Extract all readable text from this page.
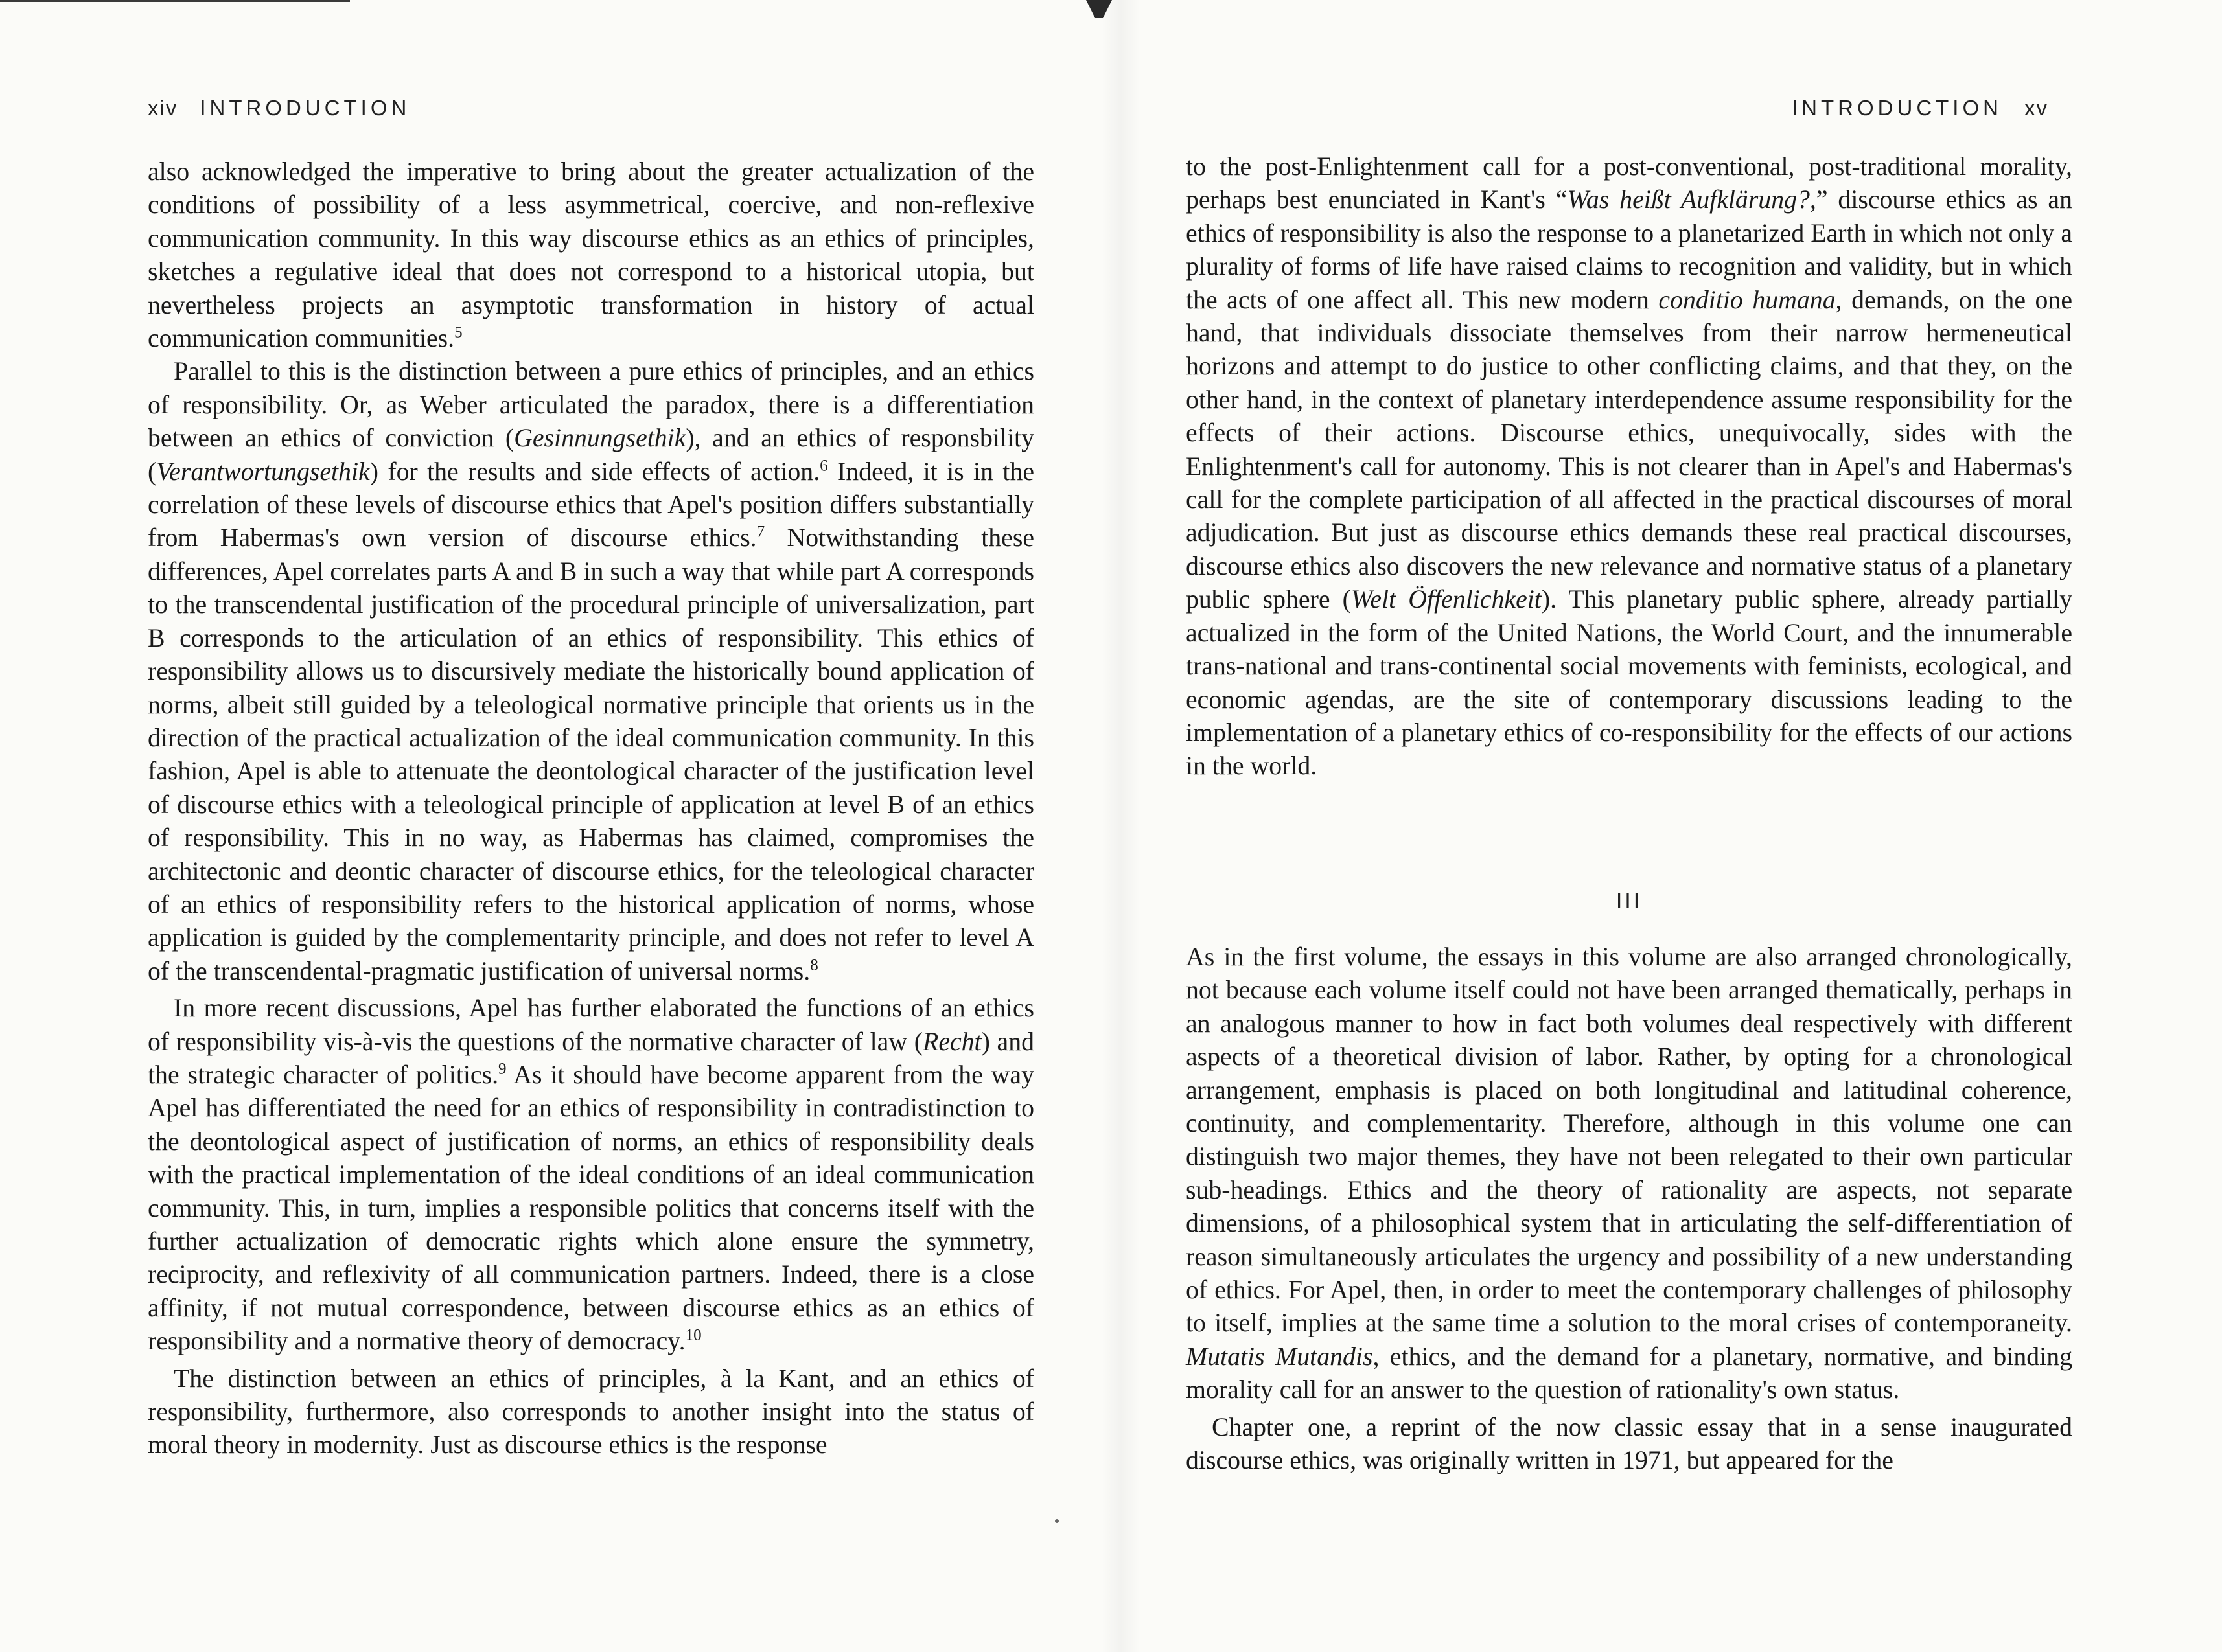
xiv INTRODUCTION

also acknowledged the imperative to bring about the greater actualization of the conditions of possibility of a less asymmetrical, coercive, and non-reflexive communication community. In this way discourse ethics as an ethics of principles, sketches a regulative ideal that does not correspond to a historical utopia, but nevertheless projects an asymptotic transformation in history of actual communication communities.$^5$

Parallel to this is the distinction between a pure ethics of principles, and an ethics of responsibility. Or, as Weber articulated the paradox, there is a differentiation between an ethics of conviction (Gesinnungsethik), and an ethics of responsbility (Verantwortungsethik) for the results and side effects of action.$^6$ Indeed, it is in the correlation of these levels of discourse ethics that Apel's position differs substantially from Habermas's own version of discourse ethics.$^7$ Notwithstanding these differences, Apel correlates parts A and B in such a way that while part A corresponds to the transcendental justification of the procedural principle of universalization, part B corresponds to the articulation of an ethics of responsibility. This ethics of responsibility allows us to discursively mediate the historically bound application of norms, albeit still guided by a teleological normative principle that orients us in the direction of the practical actualization of the ideal communication community. In this fashion, Apel is able to attenuate the deontological character of the justification level of discourse ethics with a teleological principle of application at level B of an ethics of responsibility. This in no way, as Habermas has claimed, compromises the architectonic and deontic character of discourse ethics, for the teleological character of an ethics of responsibility refers to the historical application of norms, whose application is guided by the complementarity principle, and does not refer to level A of the transcendental-pragmatic justification of universal norms.$^8$

In more recent discussions, Apel has further elaborated the functions of an ethics of responsibility vis-à-vis the questions of the normative character of law (Recht) and the strategic character of politics.$^9$ As it should have become apparent from the way Apel has differentiated the need for an ethics of responsibility in contradistinction to the deontological aspect of justification of norms, an ethics of responsibility deals with the practical implementation of the ideal conditions of an ideal communication community. This, in turn, implies a responsible politics that concerns itself with the further actualization of democratic rights which alone ensure the symmetry, reciprocity, and reflexivity of all communication partners. Indeed, there is a close affinity, if not mutual correspondence, between discourse ethics as an ethics of responsibility and a normative theory of democracy.$^{10}$

The distinction between an ethics of principles, à la Kant, and an ethics of responsibility, furthermore, also corresponds to another insight into the status of moral theory in modernity. Just as discourse ethics is the response

INTRODUCTION xv

to the post-Enlightenment call for a post-conventional, post-traditional morality, perhaps best enunciated in Kant's “Was heißt Aufklärung?,” discourse ethics as an ethics of responsibility is also the response to a planetarized Earth in which not only a plurality of forms of life have raised claims to recognition and validity, but in which the acts of one affect all. This new modern conditio humana, demands, on the one hand, that individuals dissociate themselves from their narrow hermeneutical horizons and attempt to do justice to other conflicting claims, and that they, on the other hand, in the context of planetary interdependence assume responsibility for the effects of their actions. Discourse ethics, unequivocally, sides with the Enlightenment's call for autonomy. This is not clearer than in Apel's and Habermas's call for the complete participation of all affected in the practical discourses of moral adjudication. But just as discourse ethics demands these real practical discourses, discourse ethics also discovers the new relevance and normative status of a planetary public sphere (Welt Öffenlichkeit). This planetary public sphere, already partially actualized in the form of the United Nations, the World Court, and the innumerable trans-national and trans-continental social movements with feminists, ecological, and economic agendas, are the site of contemporary discussions leading to the implementation of a planetary ethics of co-responsibility for the effects of our actions in the world.

III

As in the first volume, the essays in this volume are also arranged chronologically, not because each volume itself could not have been arranged thematically, perhaps in an analogous manner to how in fact both volumes deal respectively with different aspects of a theoretical division of labor. Rather, by opting for a chronological arrangement, emphasis is placed on both longitudinal and latitudinal coherence, continuity, and complementarity. Therefore, although in this volume one can distinguish two major themes, they have not been relegated to their own particular sub-headings. Ethics and the theory of rationality are aspects, not separate dimensions, of a philosophical system that in articulating the self-differentiation of reason simultaneously articulates the urgency and possibility of a new understanding of ethics. For Apel, then, in order to meet the contemporary challenges of philosophy to itself, implies at the same time a solution to the moral crises of contemporaneity. Mutatis Mutandis, ethics, and the demand for a planetary, normative, and binding morality call for an answer to the question of rationality's own status.

Chapter one, a reprint of the now classic essay that in a sense inaugurated discourse ethics, was originally written in 1971, but appeared for the
